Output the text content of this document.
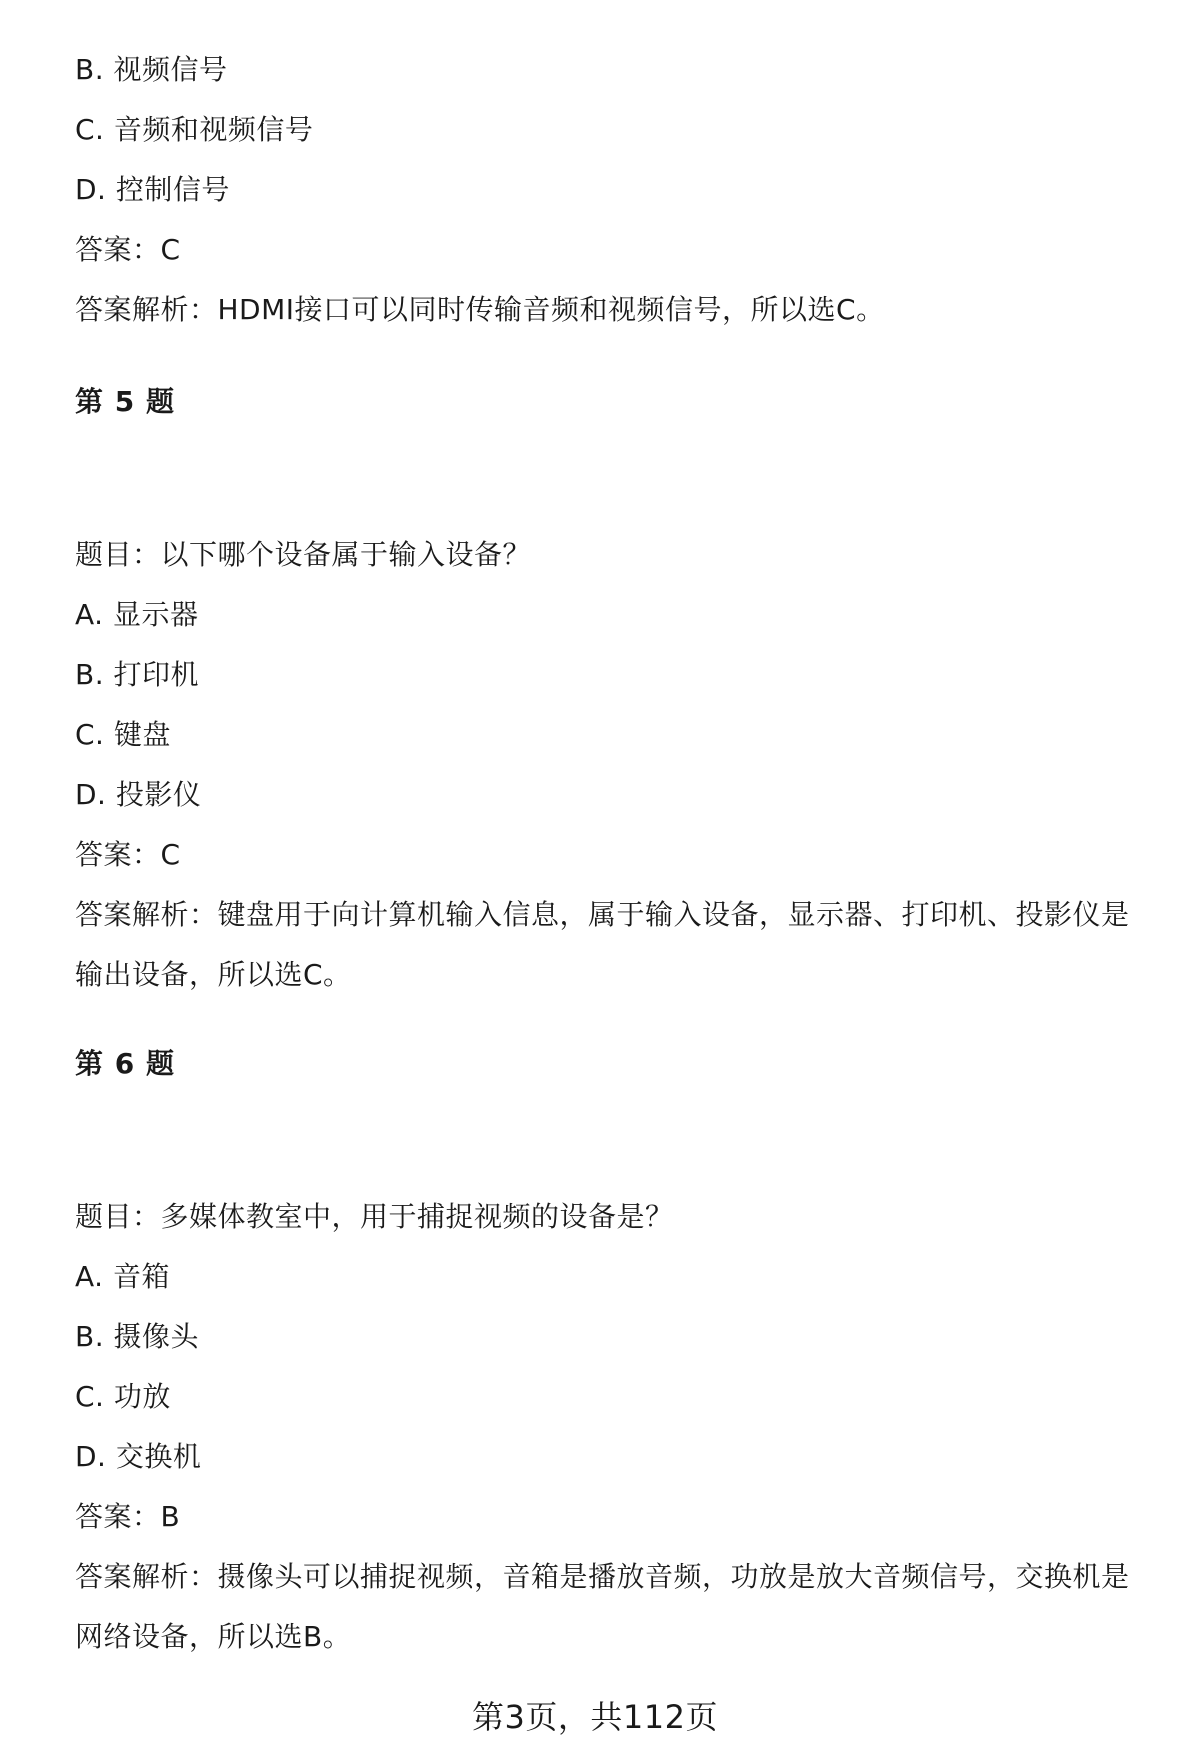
B. 视频信号
C. 音频和视频信号
D. 控制信号
答案：C
答案解析：HDMI接口可以同时传输音频和视频信号，所以选C。
第 5 题
题目：以下哪个设备属于输入设备？
A. 显示器
B. 打印机
C. 键盘
D. 投影仪
答案：C
答案解析：键盘用于向计算机输入信息，属于输入设备，显示器、打印机、投影仪是输出设备，所以选C。
第 6 题
题目：多媒体教室中，用于捕捉视频的设备是？
A. 音箱
B. 摄像头
C. 功放
D. 交换机
答案：B
答案解析：摄像头可以捕捉视频，音箱是播放音频，功放是放大音频信号，交换机是网络设备，所以选B。
第3页，共112页
